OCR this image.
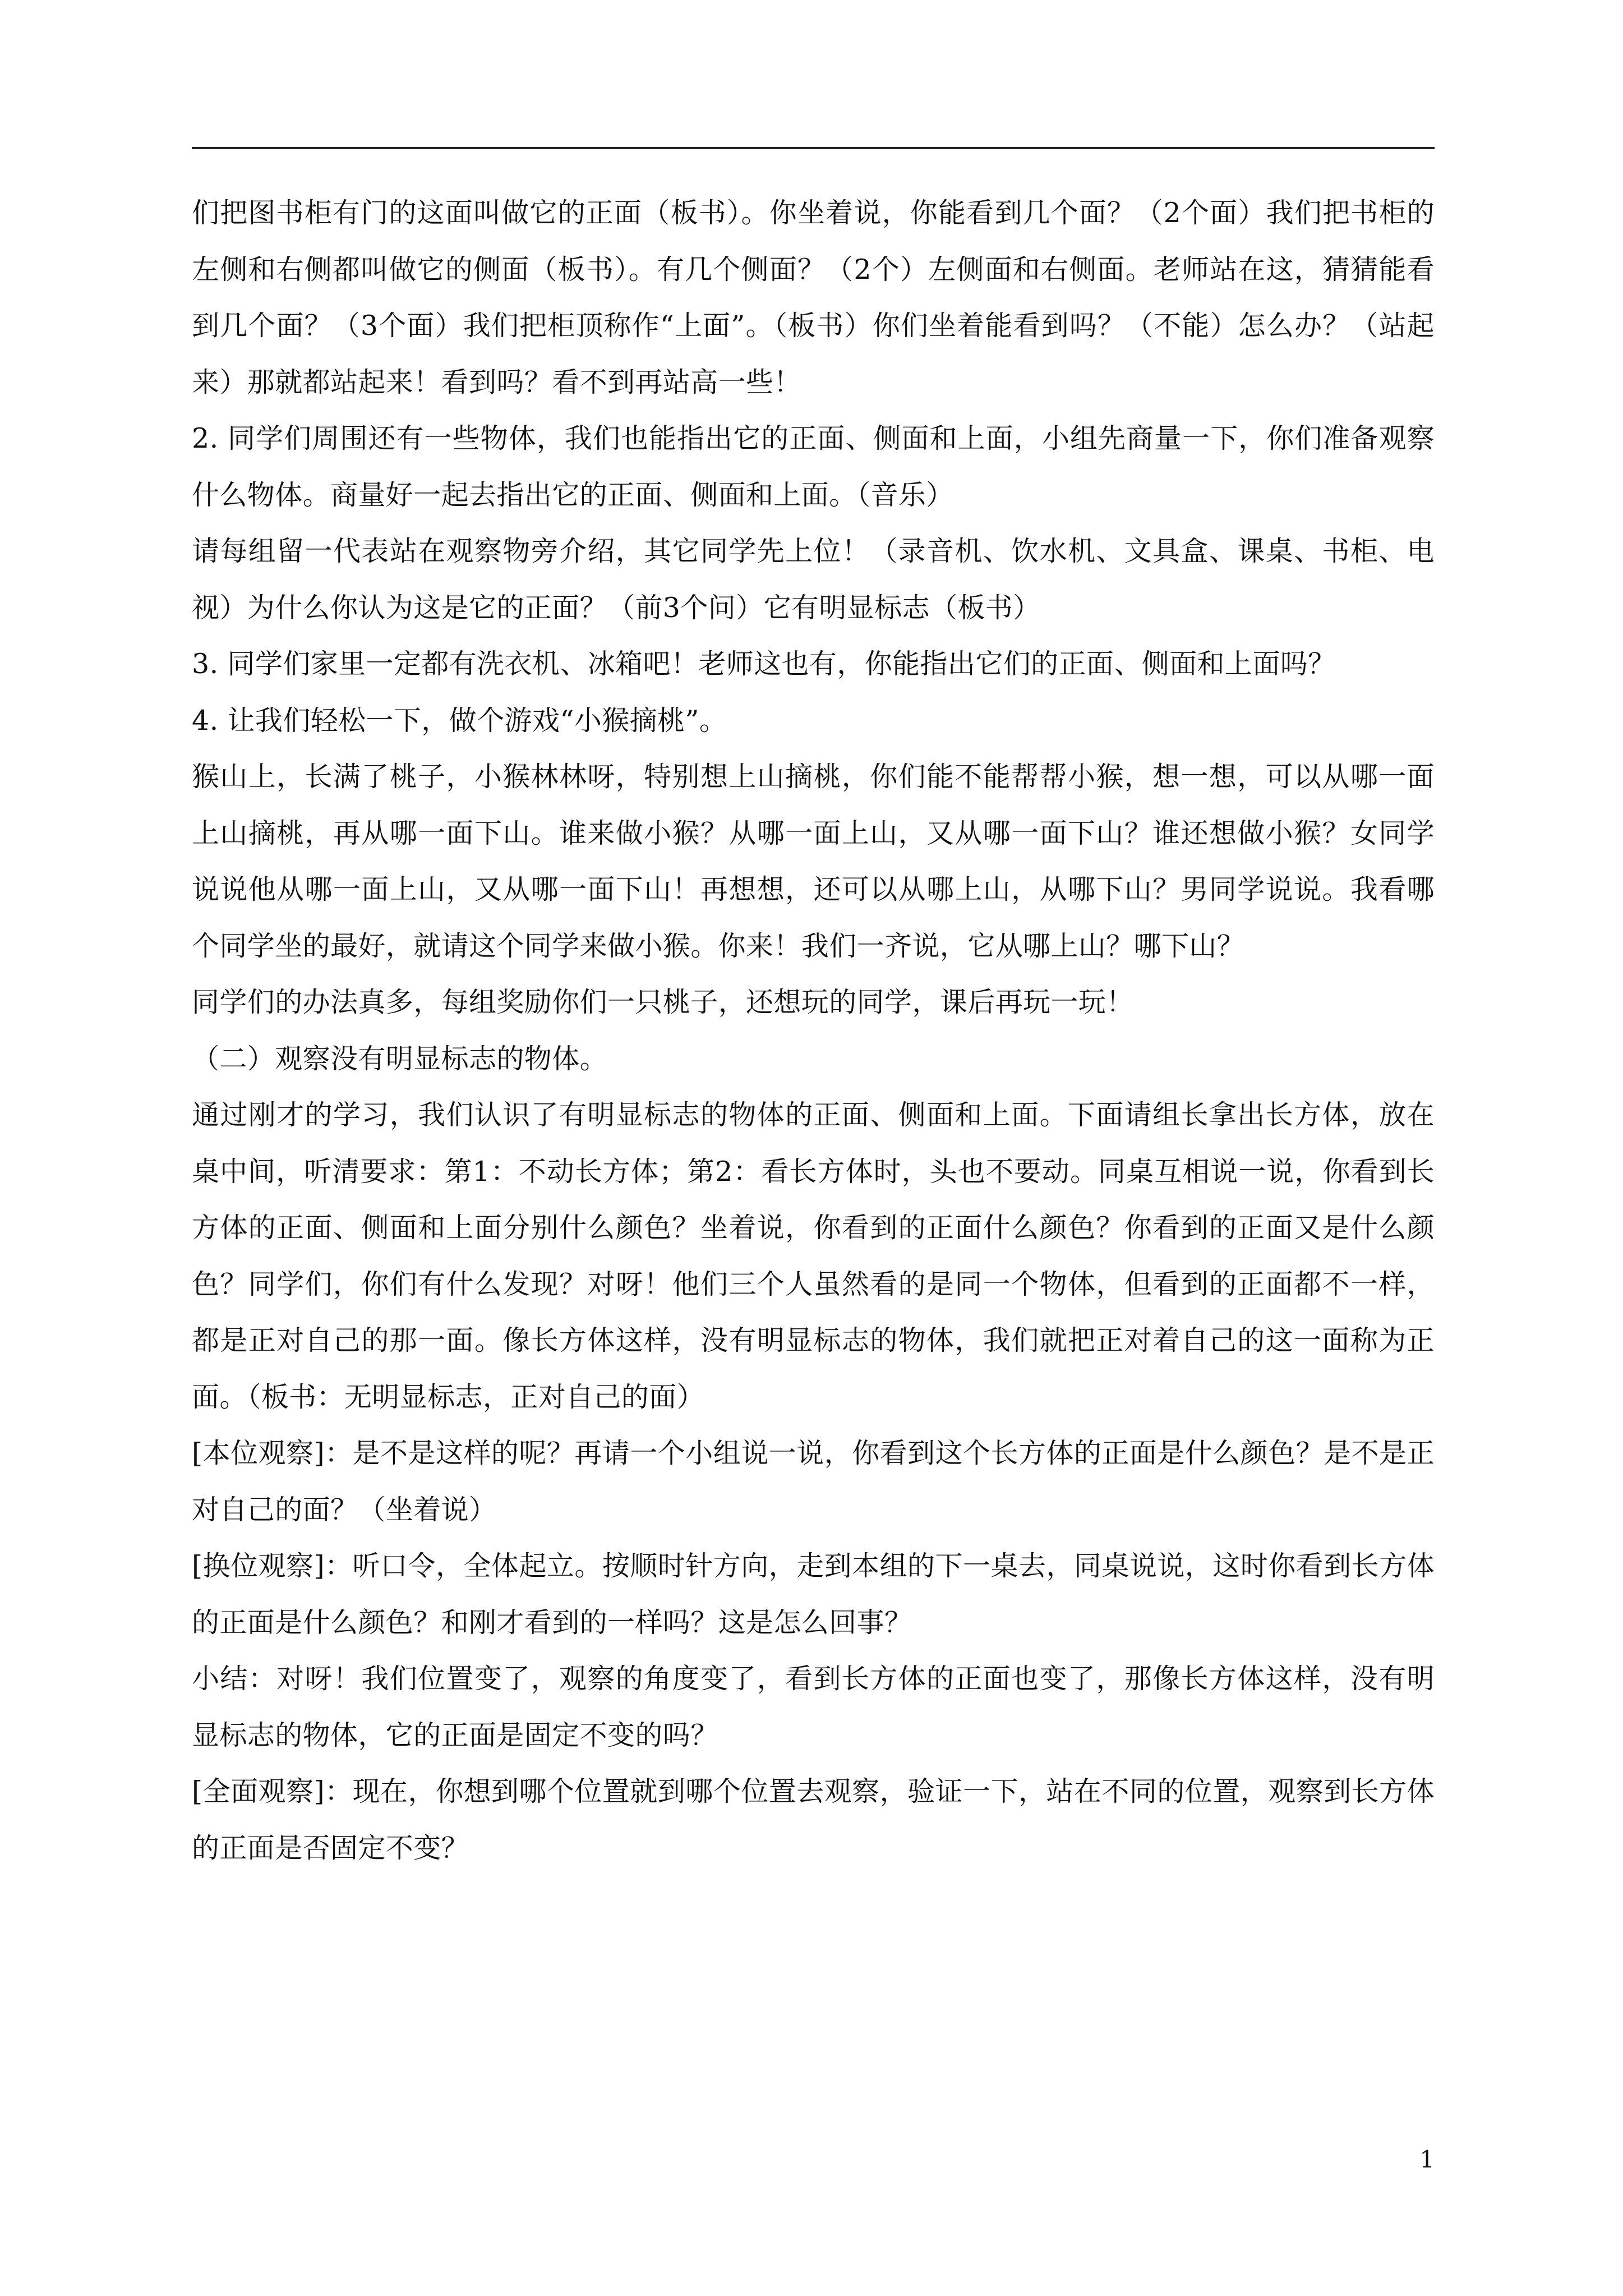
们把图书柜有门的这面叫做它的正面（板书）。你坐着说，你能看到几个面？（2个面）我们把书柜的左侧和右侧都叫做它的侧面（板书）。有几个侧面？（2个）左侧面和右侧面。老师站在这，猜猜能看到几个面？（3个面）我们把柜顶称作“上面”。（板书）你们坐着能看到吗？（不能）怎么办？（站起来）那就都站起来！看到吗？看不到再站高一些！

2. 同学们周围还有一些物体，我们也能指出它的正面、侧面和上面，小组先商量一下，你们准备观察什么物体。商量好一起去指出它的正面、侧面和上面。（音乐）

请每组留一代表站在观察物旁介绍，其它同学先上位！（录音机、饮水机、文具盒、课桌、书柜、电视）为什么你认为这是它的正面？（前3个问）它有明显标志（板书）

3. 同学们家里一定都有洗衣机、冰箱吧！老师这也有，你能指出它们的正面、侧面和上面吗？

4. 让我们轻松一下，做个游戏“小猴摘桃”。

猴山上，长满了桃子，小猴林林呀，特别想上山摘桃，你们能不能帮帮小猴，想一想，可以从哪一面上山摘桃，再从哪一面下山。谁来做小猴？从哪一面上山，又从哪一面下山？谁还想做小猴？女同学说说他从哪一面上山，又从哪一面下山！再想想，还可以从哪上山，从哪下山？男同学说说。我看哪个同学坐的最好，就请这个同学来做小猴。你来！我们一齐说，它从哪上山？哪下山？

同学们的办法真多，每组奖励你们一只桃子，还想玩的同学，课后再玩一玩！

（二）观察没有明显标志的物体。

通过刚才的学习，我们认识了有明显标志的物体的正面、侧面和上面。下面请组长拿出长方体，放在桌中间，听清要求：第1：不动长方体；第2：看长方体时，头也不要动。同桌互相说一说，你看到长方体的正面、侧面和上面分别什么颜色？坐着说，你看到的正面什么颜色？你看到的正面又是什么颜色？同学们，你们有什么发现？对呀！他们三个人虽然看的是同一个物体，但看到的正面都不一样，都是正对自己的那一面。像长方体这样，没有明显标志的物体，我们就把正对着自己的这一面称为正面。（板书：无明显标志，正对自己的面）

[本位观察]：是不是这样的呢？再请一个小组说一说，你看到这个长方体的正面是什么颜色？是不是正对自己的面？（坐着说）

[换位观察]：听口令，全体起立。按顺时针方向，走到本组的下一桌去，同桌说说，这时你看到长方体的正面是什么颜色？和刚才看到的一样吗？这是怎么回事？

小结：对呀！我们位置变了，观察的角度变了，看到长方体的正面也变了，那像长方体这样，没有明显标志的物体，它的正面是固定不变的吗？

[全面观察]：现在，你想到哪个位置就到哪个位置去观察，验证一下，站在不同的位置，观察到长方体的正面是否固定不变？

1
